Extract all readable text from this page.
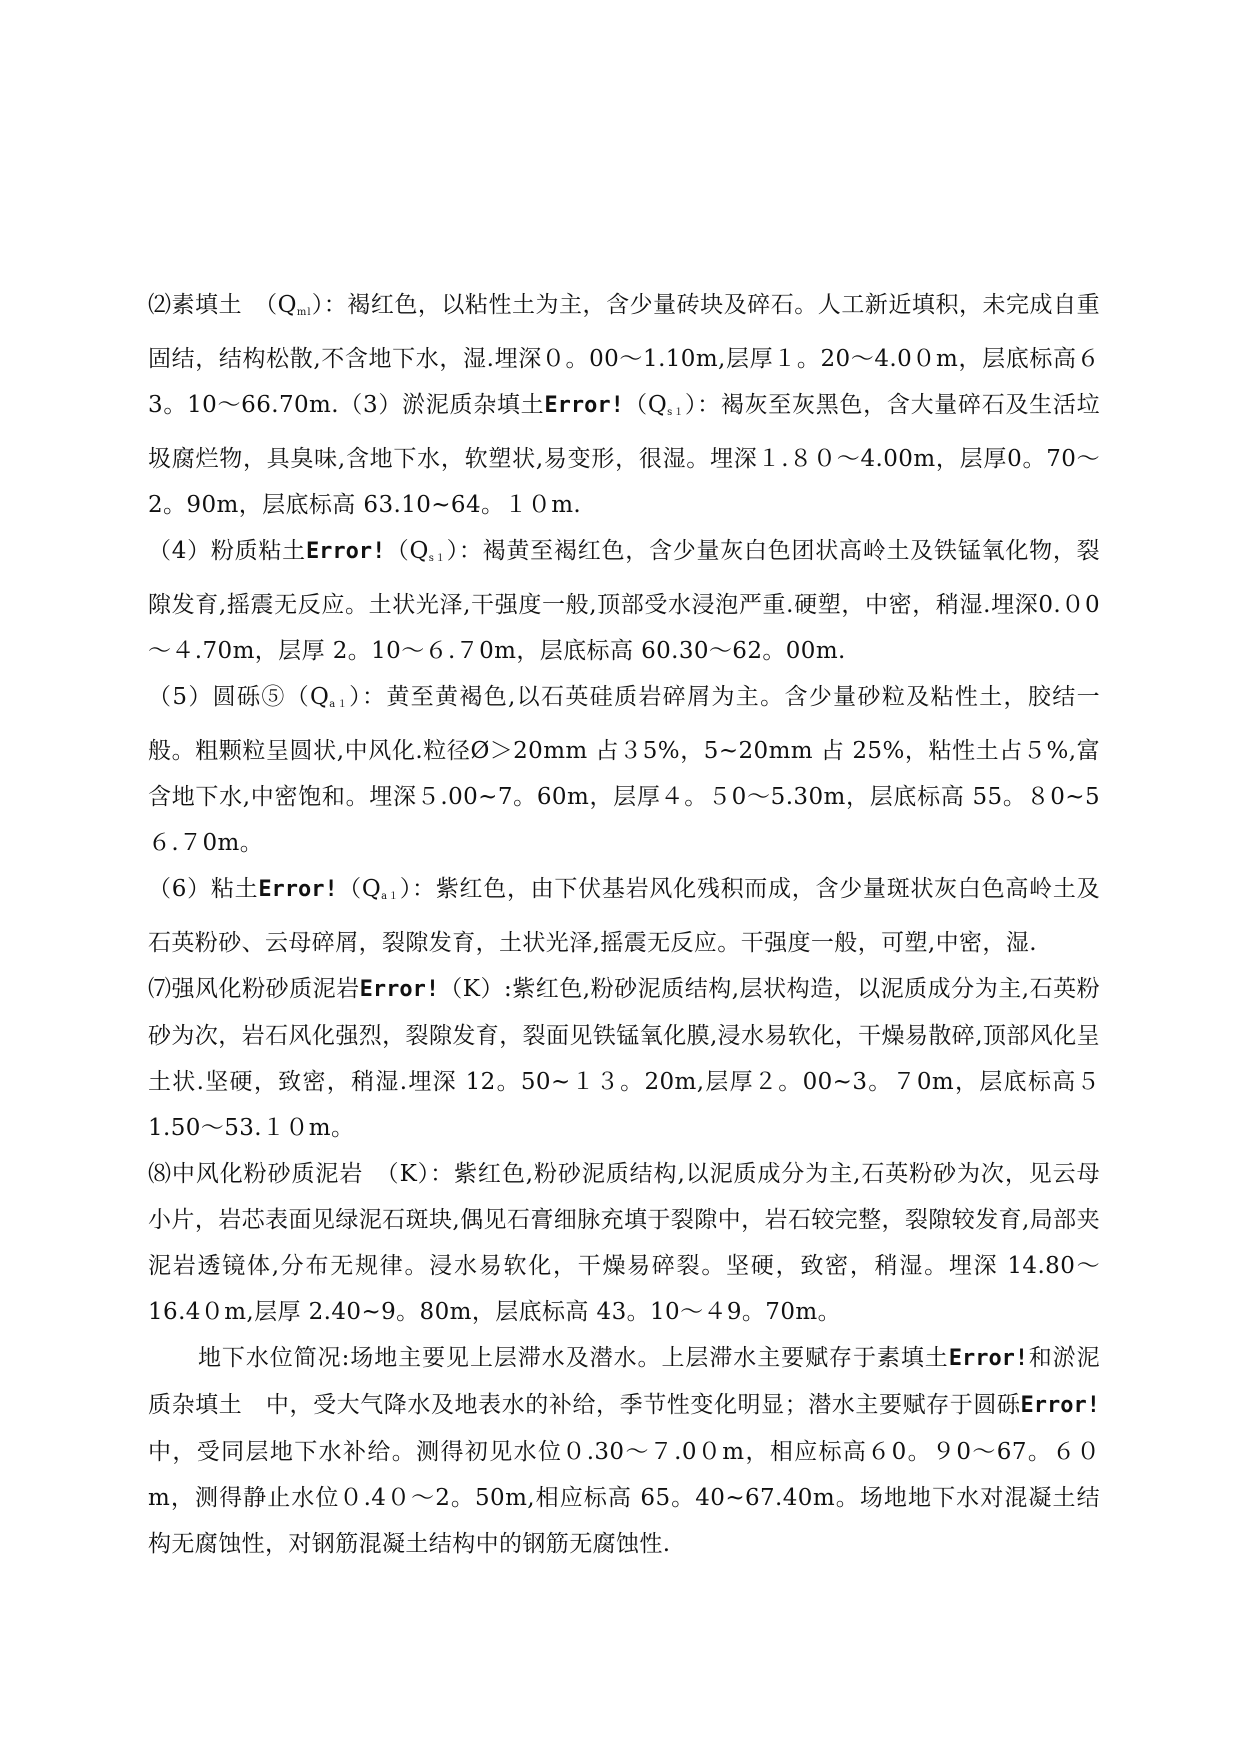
⑵素填土　$(Q_{ml})$：褐红色，以粘性土为主，含少量砖块及碎石。人工新近填积，未完成自重固结，结构松散,不含地下水，湿.埋深０。00～1.10m,层厚１。20～4.0０m，层底标高６3。10～66.70m.（3）淤泥质杂填土$Error!(Q_{s1})$：褐灰至灰黑色，含大量碎石及生活垃圾腐烂物，具臭味,含地下水，软塑状,易变形，很湿。埋深１.８０～4.00m，层厚0。70～2。90m，层底标高 63.10~64。１０m.

（4）粉质粘土$Error!(Q_{s1})$：褐黄至褐红色，含少量灰白色团状高岭土及铁锰氧化物，裂隙发育,摇震无反应。土状光泽,干强度一般,顶部受水浸泡严重.硬塑，中密，稍湿.埋深0.０0～４.70m，层厚 2。10～６.７0m，层底标高 60.30～62。00m.

（5）圆砾$⑤(Q_{a1})$：黄至黄褐色,以石英硅质岩碎屑为主。含少量砂粒及粘性土，胶结一般。粗颗粒呈圆状,中风化.粒径Ø＞20mm 占３5%，5~20mm 占 25%，粘性土占５%,富含地下水,中密饱和。埋深５.00~7。60m，层厚４。５0～5.30m，层底标高 55。８0~5６.７0m。

（6）粘土$Error!(Q_{a1})$：紫红色，由下伏基岩风化残积而成，含少量斑状灰白色高岭土及石英粉砂、云母碎屑，裂隙发育，土状光泽,摇震无反应。干强度一般，可塑,中密，湿.

⑺强风化粉砂质泥岩Error!（K）:紫红色,粉砂泥质结构,层状构造，以泥质成分为主,石英粉砂为次，岩石风化强烈，裂隙发育，裂面见铁锰氧化膜,浸水易软化，干燥易散碎,顶部风化呈土状.坚硬，致密，稍湿.埋深 12。50~１３。20m,层厚２。00~3。７0m，层底标高５1.50～53.１０m。

⑻中风化粉砂质泥岩　（K）：紫红色,粉砂泥质结构,以泥质成分为主,石英粉砂为次，见云母小片，岩芯表面见绿泥石斑块,偶见石膏细脉充填于裂隙中，岩石较完整，裂隙较发育,局部夹泥岩透镜体,分布无规律。浸水易软化，干燥易碎裂。坚硬，致密，稍湿。埋深 14.80～16.4０m,层厚 2.40~9。80m，层底标高 43。10～４9。70m。

地下水位简况:场地主要见上层滞水及潜水。上层滞水主要赋存于素填土Error!和淤泥质杂填土　中，受大气降水及地表水的补给，季节性变化明显；潜水主要赋存于圆砾Error!中，受同层地下水补给。测得初见水位０.30～７.0０m，相应标高６0。９0～67。６０m，测得静止水位０.4０～2。50m,相应标高 65。40~67.40m。场地地下水对混凝土结构无腐蚀性，对钢筋混凝土结构中的钢筋无腐蚀性.
